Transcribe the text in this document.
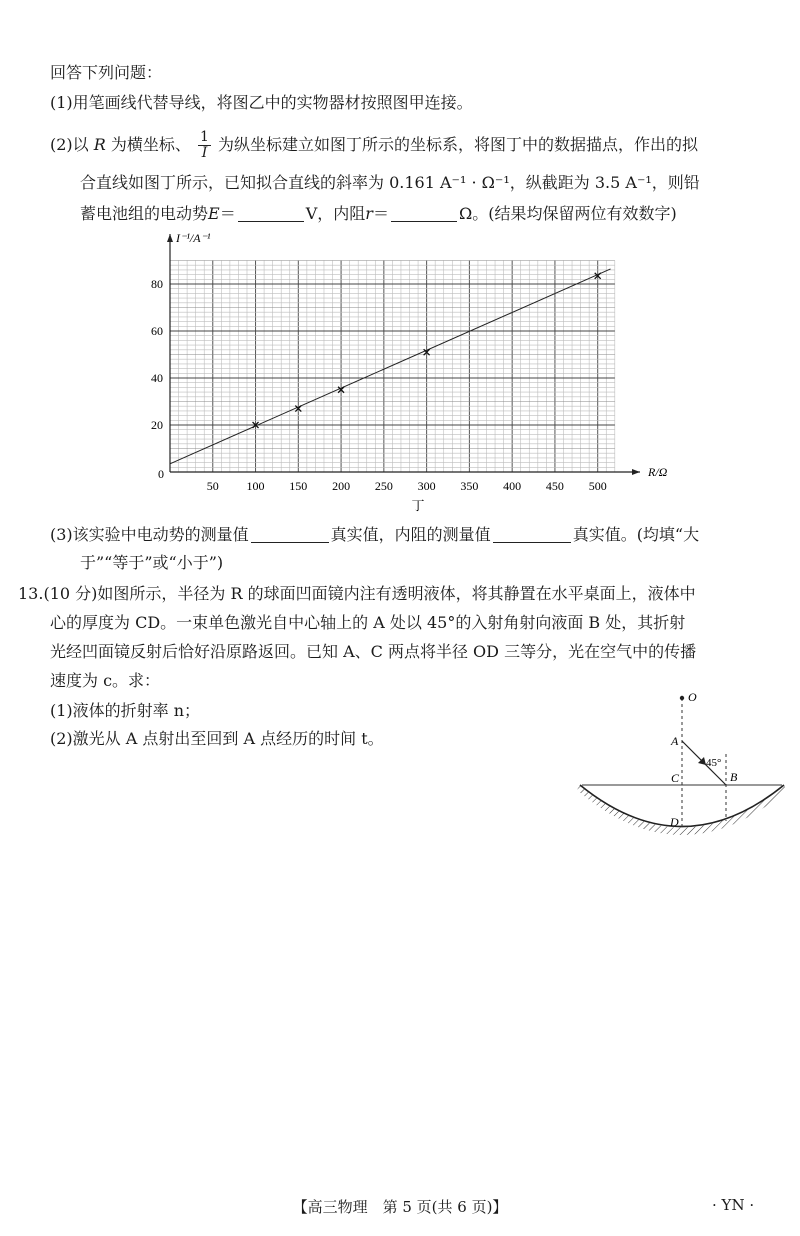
回答下列问题：
(1)用笔画线代替导线，将图乙中的实物器材按照图甲连接。
(2)以 R 为横坐标、 $\frac{1}{I}$ 为纵坐标建立如图丁所示的坐标系，将图丁中的数据描点，作出的拟
合直线如图丁所示，已知拟合直线的斜率为 0.161 A⁻¹ · Ω⁻¹，纵截距为 3.5 A⁻¹，则铅
蓄电池组的电动势E＝	V，内阻r＝	Ω。(结果均保留两位有效数字)
50 100 150 200 250 300 350 400 450 500
20
40
60
80
0	R/Ω
I⁻¹/A⁻¹
丁
(3)该实验中电动势的测量值	真实值，内阻的测量值	真实值。(均填“大
于”“等于”或“小于”)
13.(10 分)如图所示，半径为 R 的球面凹面镜内注有透明液体，将其静置在水平桌面上，液体中
心的厚度为 CD。一束单色激光自中心轴上的 A 处以 45°的入射角射向液面 B 处，其折射
光经凹面镜反射后恰好沿原路返回。已知 A、C 两点将半径 OD 三等分，光在空气中的传播
速度为 c。求：
(1)液体的折射率 n；
(2)激光从 A 点射出至回到 A 点经历的时间 t。
O
A
45°
C	B
D
【高三物理　第 5 页(共 6 页)】	· YN ·
